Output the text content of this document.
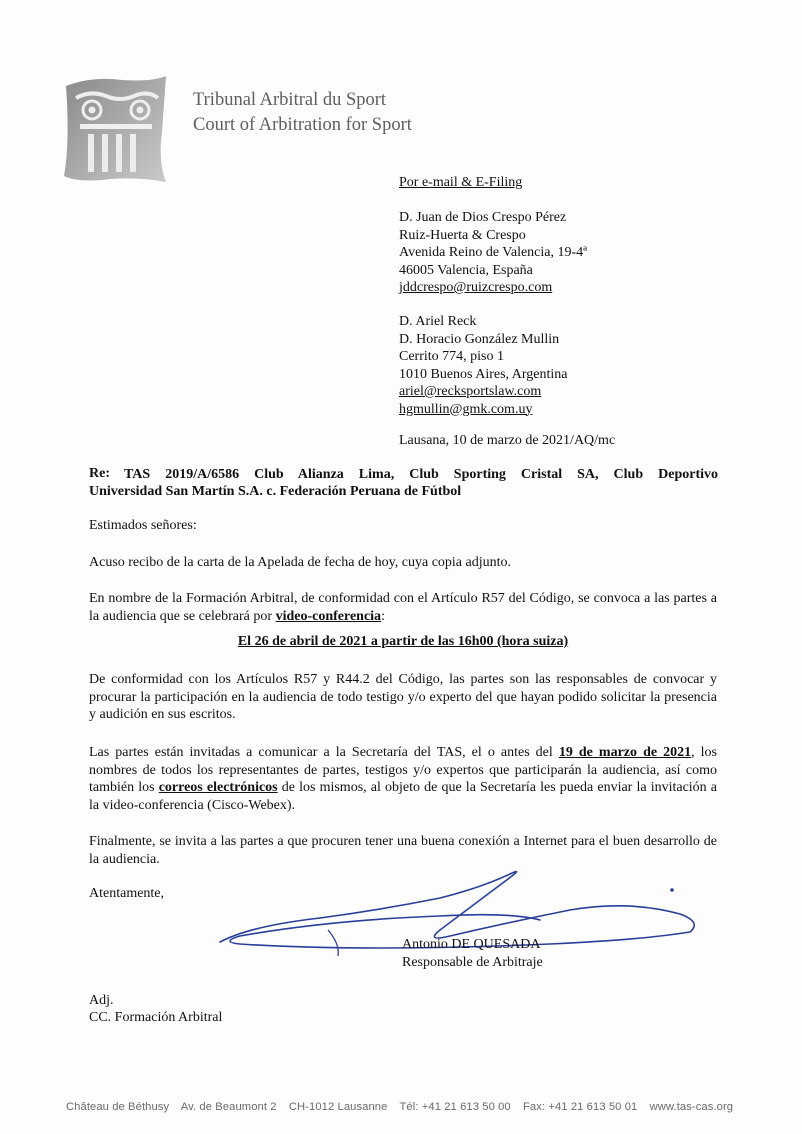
Tribunal Arbitral du Sport
Court of Arbitration for Sport
Por e-mail & E-Filing
D. Juan de Dios Crespo Pérez
Ruiz-Huerta & Crespo
Avenida Reino de Valencia, 19-4ª
46005 Valencia, España
jddcrespo@ruizcrespo.com
D. Ariel Reck
D. Horacio González Mullin
Cerrito 774, piso 1
1010 Buenos Aires, Argentina
ariel@recksportslaw.com
hgmullin@gmk.com.uy
Lausana, 10 de marzo de 2021/AQ/mc
Re: TAS 2019/A/6586 Club Alianza Lima, Club Sporting Cristal SA, Club Deportivo
Universidad San Martín S.A. c. Federación Peruana de Fútbol
Estimados señores:
Acuso recibo de la carta de la Apelada de fecha de hoy, cuya copia adjunto.
En nombre de la Formación Arbitral, de conformidad con el Artículo R57 del Código, se convoca a las partes a la audiencia que se celebrará por video-conferencia:
El 26 de abril de 2021 a partir de las 16h00 (hora suiza)
De conformidad con los Artículos R57 y R44.2 del Código, las partes son las responsables de convocar y procurar la participación en la audiencia de todo testigo y/o experto del que hayan podido solicitar la presencia y audición en sus escritos.
Las partes están invitadas a comunicar a la Secretaría del TAS, el o antes del 19 de marzo de 2021, los nombres de todos los representantes de partes, testigos y/o expertos que participarán la audiencia, así como también los correos electrónicos de los mismos, al objeto de que la Secretaría les pueda enviar la invitación a la video-conferencia (Cisco-Webex).
Finalmente, se invita a las partes a que procuren tener una buena conexión a Internet para el buen desarrollo de la audiencia.
Atentamente,
Antonio DE QUESADA
Responsable de Arbitraje
Adj.
CC. Formación Arbitral
Château de Béthusy Av. de Beaumont 2 CH-1012 Lausanne Tél: +41 21 613 50 00 Fax: +41 21 613 50 01 www.tas-cas.org
